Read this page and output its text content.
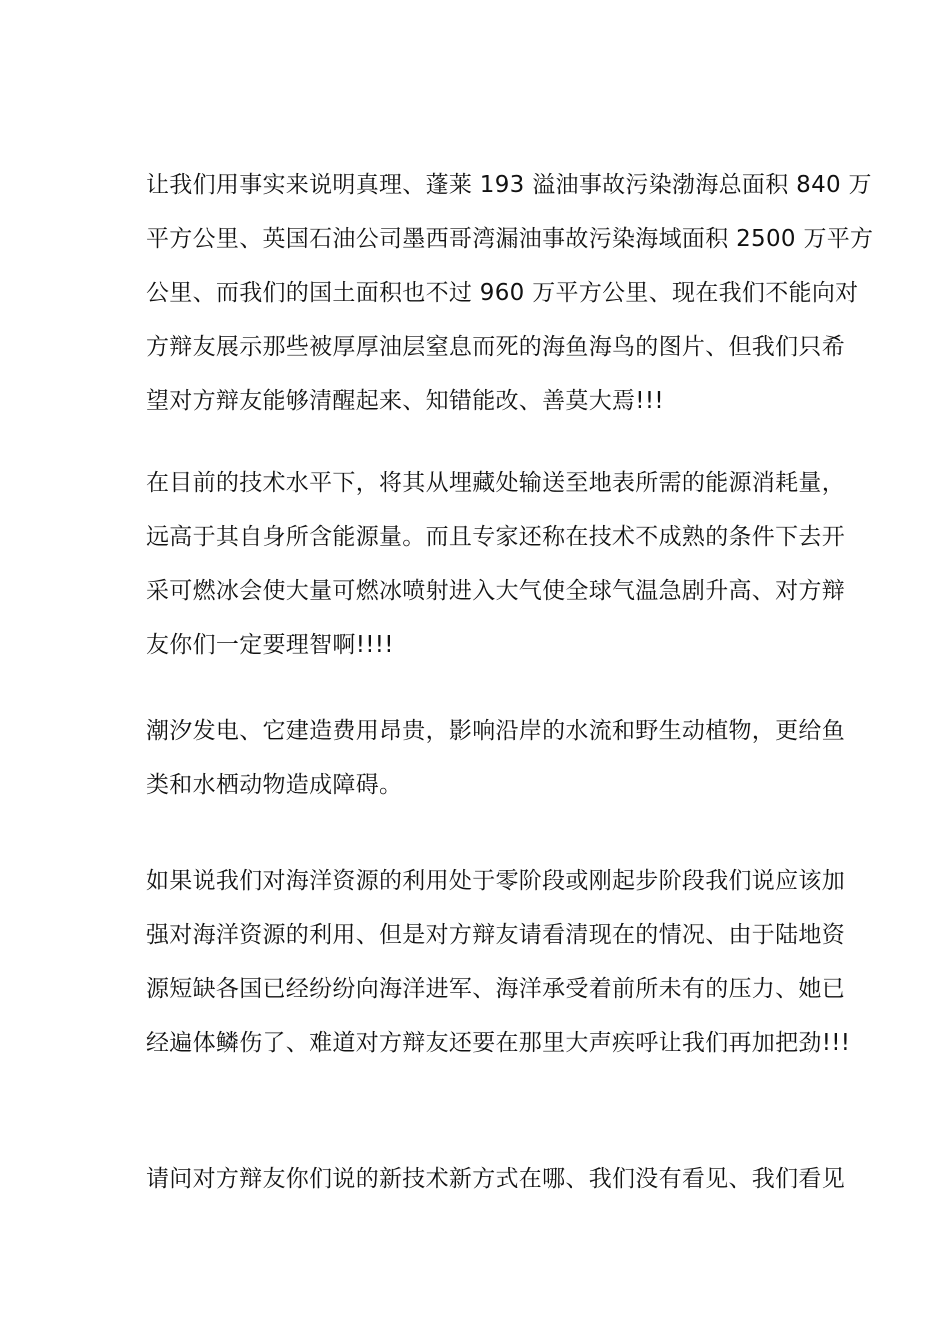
让我们用事实来说明真理、蓬莱 193 溢油事故污染渤海总面积 840 万
平方公里、英国石油公司墨西哥湾漏油事故污染海域面积 2500 万平方
公里、而我们的国土面积也不过 960 万平方公里、现在我们不能向对
方辩友展示那些被厚厚油层窒息而死的海鱼海鸟的图片、但我们只希
望对方辩友能够清醒起来、知错能改、善莫大焉!!!
在目前的技术水平下，将其从埋藏处输送至地表所需的能源消耗量，
远高于其自身所含能源量。而且专家还称在技术不成熟的条件下去开
采可燃冰会使大量可燃冰喷射进入大气使全球气温急剧升高、对方辩
友你们一定要理智啊!!!!
潮汐发电、它建造费用昂贵，影响沿岸的水流和野生动植物，更给鱼
类和水栖动物造成障碍。
如果说我们对海洋资源的利用处于零阶段或刚起步阶段我们说应该加
强对海洋资源的利用、但是对方辩友请看清现在的情况、由于陆地资
源短缺各国已经纷纷向海洋进军、海洋承受着前所未有的压力、她已
经遍体鳞伤了、难道对方辩友还要在那里大声疾呼让我们再加把劲!!!
请问对方辩友你们说的新技术新方式在哪、我们没有看见、我们看见
